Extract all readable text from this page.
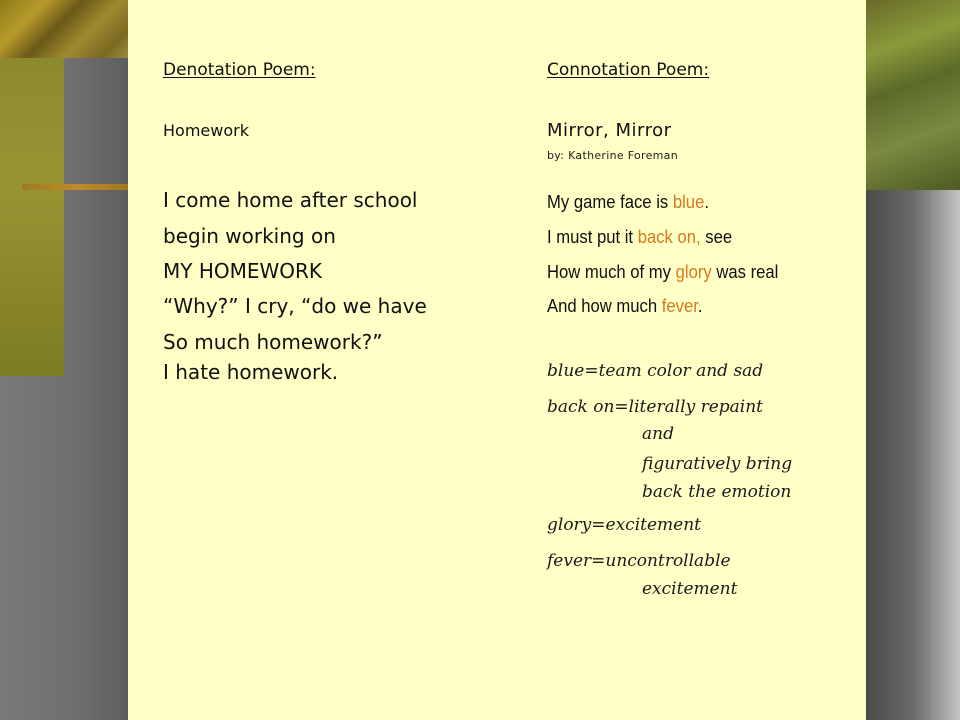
Denotation Poem:
Homework
I come home after school
begin working on
MY HOMEWORK
“Why?” I cry, “do we have
So much homework?”
I hate homework.
Connotation Poem:
Mirror, Mirror
by: Katherine Foreman
My game face is blue.
I must put it back on, see
How much of my glory was real
And how much fever.
blue=team color and sad
back on=literally repaint
and
figuratively bring
back the emotion
glory=excitement
fever=uncontrollable
excitement
